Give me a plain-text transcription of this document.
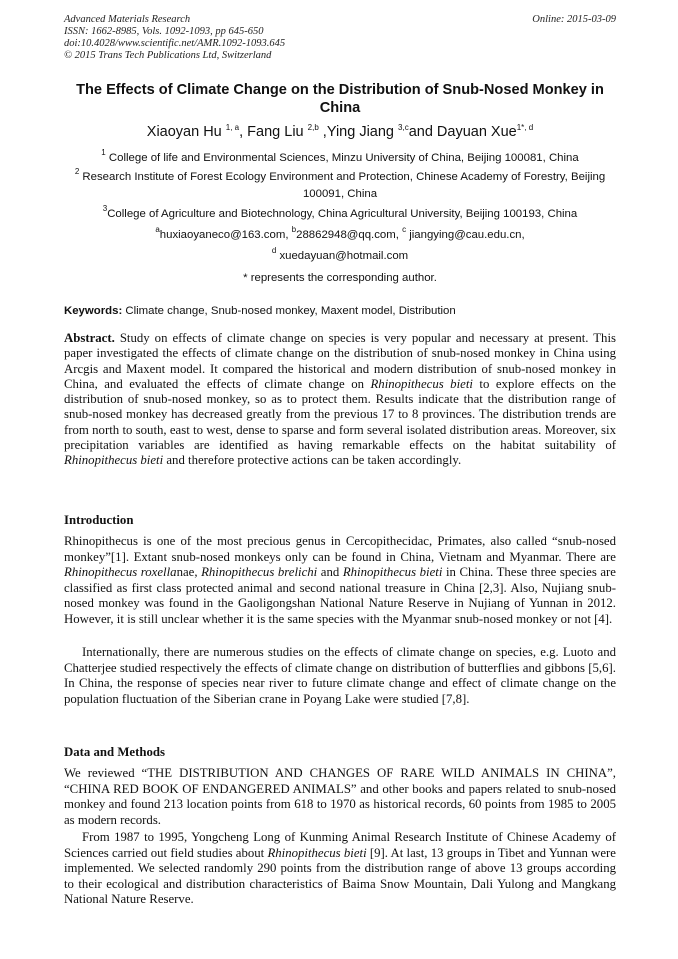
Advanced Materials Research
ISSN: 1662-8985, Vols. 1092-1093, pp 645-650
doi:10.4028/www.scientific.net/AMR.1092-1093.645
© 2015 Trans Tech Publications Ltd, Switzerland
Online: 2015-03-09
The Effects of Climate Change on the Distribution of Snub-Nosed Monkey in China
Xiaoyan Hu $^{1, a}$, Fang Liu $^{2,b}$ ,Ying Jiang $^{3,c}$and Dayuan Xue$^{1*, d}$
$^1$ College of life and Environmental Sciences, Minzu University of China, Beijing 100081, China
$^2$ Research Institute of Forest Ecology Environment and Protection, Chinese Academy of Forestry, Beijing 100091, China
$^3$College of Agriculture and Biotechnology, China Agricultural University, Beijing 100193, China
$^a$huxiaoyaneco@163.com, $^b$28862948@qq.com, $^c$ jiangying@cau.edu.cn,
$^d$ xuedayuan@hotmail.com
* represents the corresponding author.
Keywords: Climate change, Snub-nosed monkey, Maxent model, Distribution
Abstract. Study on effects of climate change on species is very popular and necessary at present. This paper investigated the effects of climate change on the distribution of snub-nosed monkey in China using Arcgis and Maxent model. It compared the historical and modern distribution of snub-nosed monkey in China, and evaluated the effects of climate change on Rhinopithecus bieti to explore effects on the distribution of snub-nosed monkey, so as to protect them. Results indicate that the distribution range of snub-nosed monkey has decreased greatly from the previous 17 to 8 provinces. The distribution trends are from north to south, east to west, dense to sparse and form several isolated distribution areas. Moreover, six precipitation variables are identified as having remarkable effects on the habitat suitability of Rhinopithecus bieti and therefore protective actions can be taken accordingly.
Introduction
Rhinopithecus is one of the most precious genus in Cercopithecidac, Primates, also called “snub-nosed monkey”[1]. Extant snub-nosed monkeys only can be found in China, Vietnam and Myanmar. There are Rhinopithecus roxellanae, Rhinopithecus brelichi and Rhinopithecus bieti in China. These three species are classified as first class protected animal and second national treasure in China [2,3]. Also, Nujiang snub-nosed monkey was found in the Gaoligongshan National Nature Reserve in Nujiang of Yunnan in 2012. However, it is still unclear whether it is the same species with the Myanmar snub-nosed monkey or not [4].
Internationally, there are numerous studies on the effects of climate change on species, e.g. Luoto and Chatterjee studied respectively the effects of climate change on distribution of butterflies and gibbons [5,6]. In China, the response of species near river to future climate change and effect of climate change on the population fluctuation of the Siberian crane in Poyang Lake were studied [7,8].
Data and Methods
We reviewed “THE DISTRIBUTION AND CHANGES OF RARE WILD ANIMALS IN CHINA”, “CHINA RED BOOK OF ENDANGERED ANIMALS” and other books and papers related to snub-nosed monkey and found 213 location points from 618 to 1970 as historical records, 60 points from 1985 to 2005 as modern records.
From 1987 to 1995, Yongcheng Long of Kunming Animal Research Institute of Chinese Academy of Sciences carried out field studies about Rhinopithecus bieti [9]. At last, 13 groups in Tibet and Yunnan were implemented. We selected randomly 290 points from the distribution range of above 13 groups according to their ecological and distribution characteristics of Baima Snow Mountain, Dali Yulong and Mangkang National Nature Reserve.
